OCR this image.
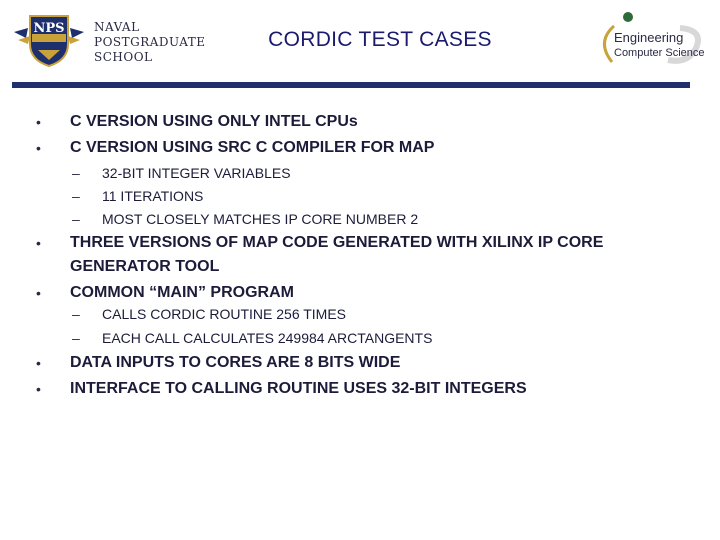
NPS NAVAL
POSTGRADUATE
SCHOOL
CORDIC TEST CASES	Engineering
Computer Science
• C VERSION USING ONLY INTEL CPUs
• C VERSION USING SRC C COMPILER FOR MAP
– 32-BIT INTEGER VARIABLES
– 11 ITERATIONS
– MOST CLOSELY MATCHES IP CORE NUMBER 2
• THREE VERSIONS OF MAP CODE GENERATED WITH XILINX IP CORE GENERATOR TOOL
• COMMON “MAIN” PROGRAM
– CALLS CORDIC ROUTINE 256 TIMES
– EACH CALL CALCULATES 249984 ARCTANGENTS
• DATA INPUTS TO CORES ARE 8 BITS WIDE
• INTERFACE TO CALLING ROUTINE USES 32-BIT INTEGERS
